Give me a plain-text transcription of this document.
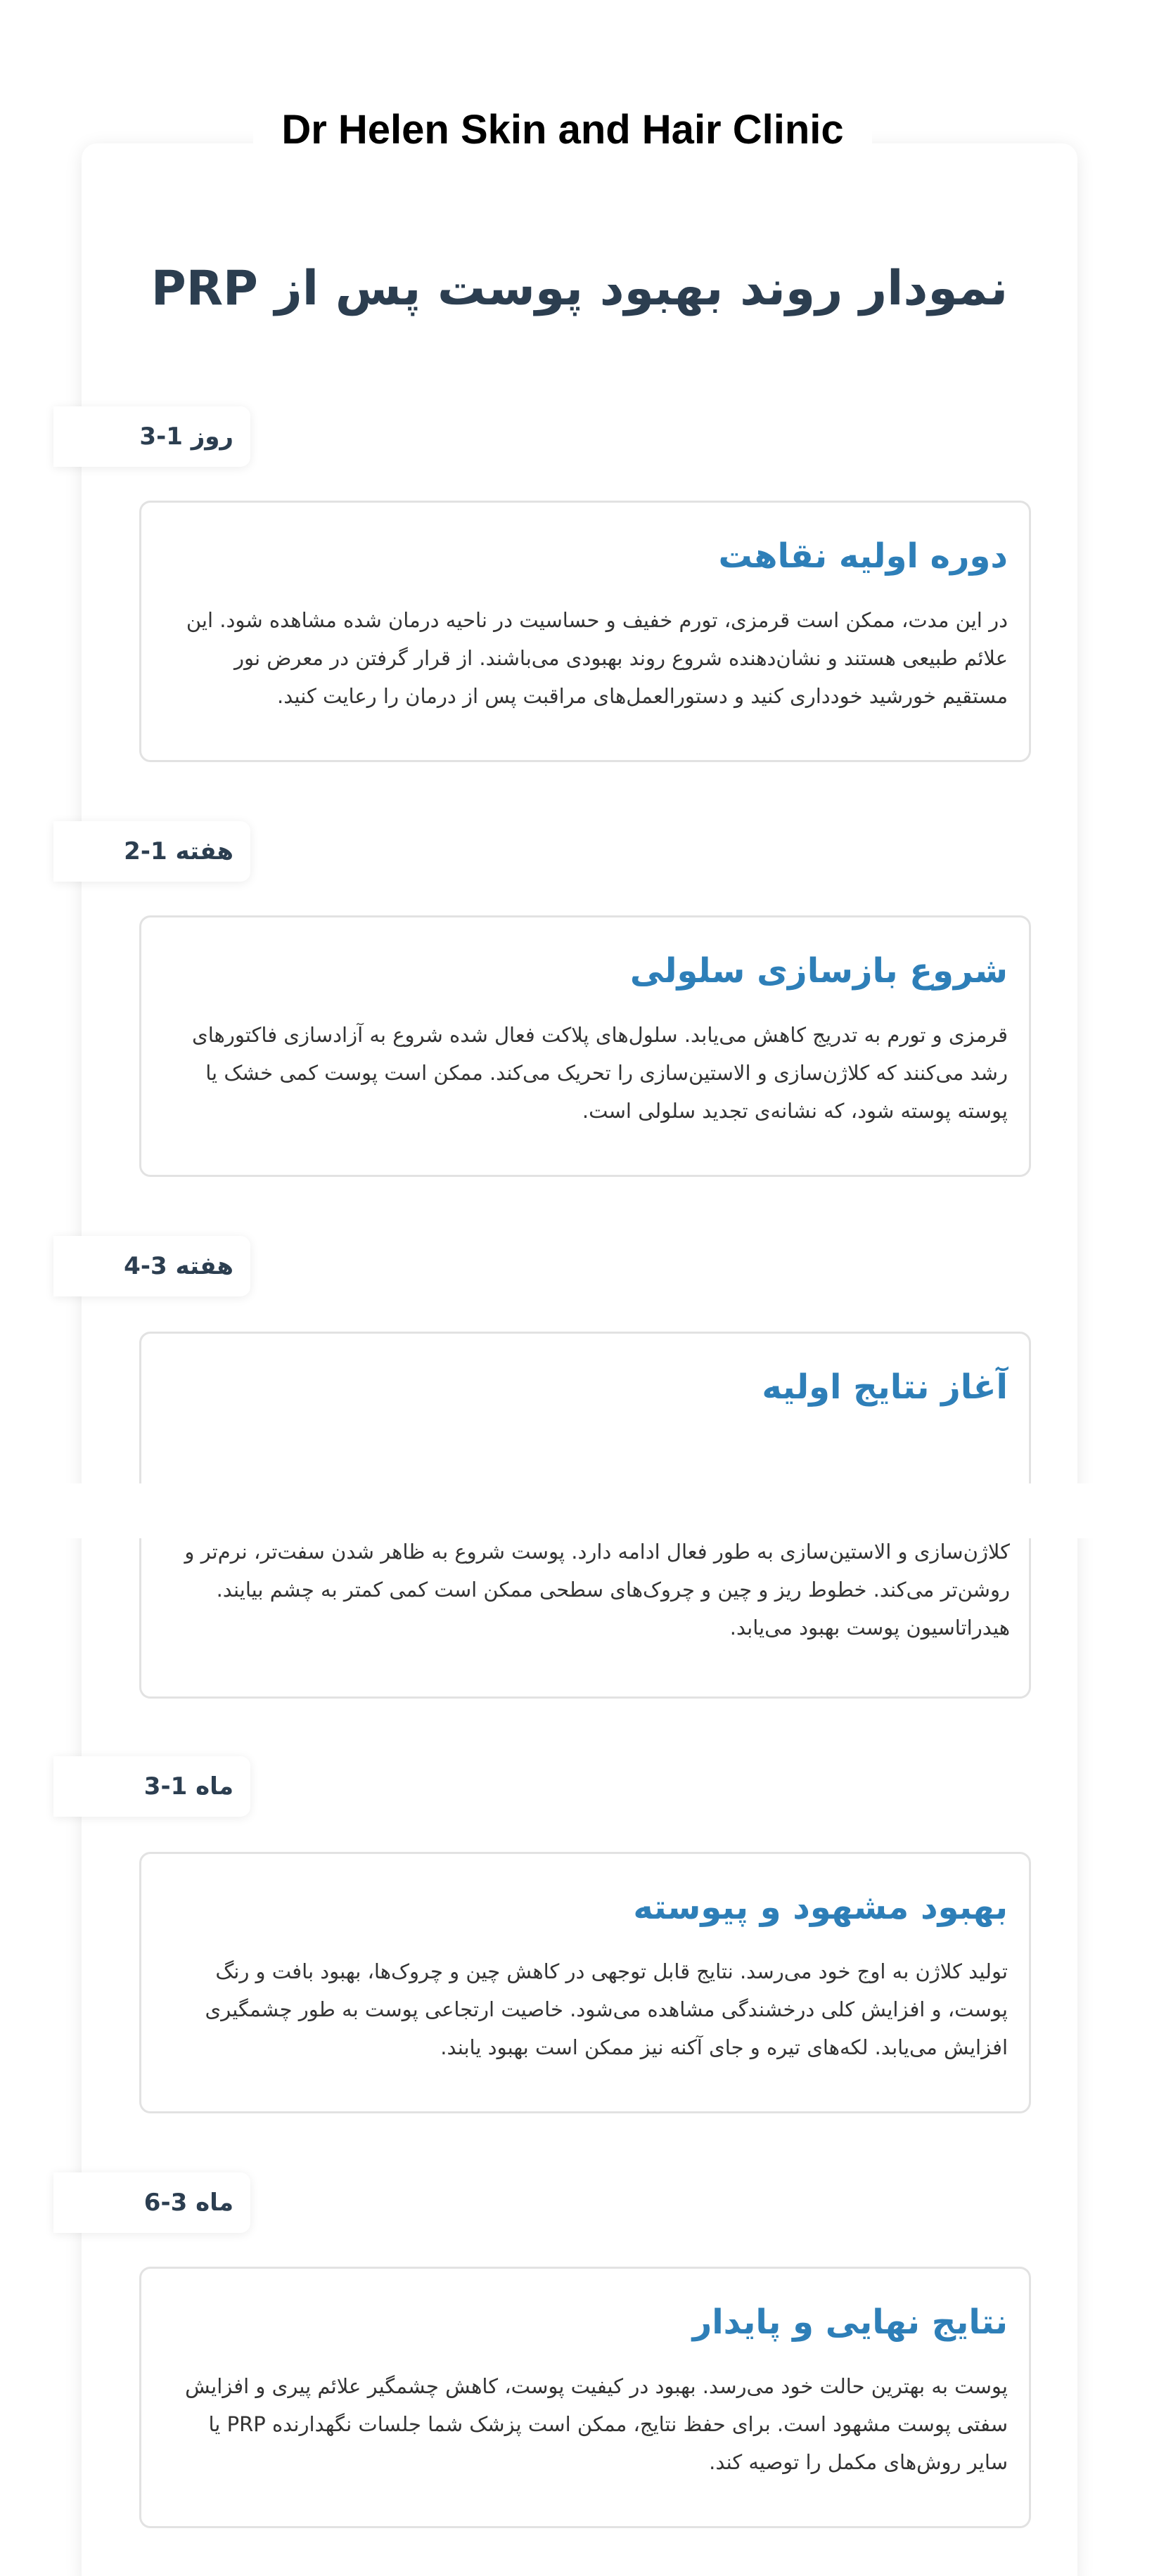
Dr Helen Skin and Hair Clinic
نمودار روند بهبود پوست پس از PRP
روز 1-3
دوره اولیه نقاهت

در این مدت، ممکن است قرمزی، تورم خفیف و حساسیت در ناحیه درمان شده مشاهده شود. این علائم طبیعی هستند و نشان‌دهنده شروع روند بهبودی می‌باشند. از قرار گرفتن در معرض نور مستقیم خورشید خودداری کنید و دستورالعمل‌های مراقبت پس از درمان را رعایت کنید.

هفته 1-2
شروع بازسازی سلولی

قرمزی و تورم به تدریج کاهش می‌یابد. سلول‌های پلاکت فعال شده شروع به آزادسازی فاکتورهای رشد می‌کنند که کلاژن‌سازی و الاستین‌سازی را تحریک می‌کند. ممکن است پوست کمی خشک یا پوسته پوسته شود، که نشانه‌ی تجدید سلولی است.

هفته 3-4
آغاز نتایج اولیه
کلاژن‌سازی و الاستین‌سازی به طور فعال ادامه دارد. پوست شروع به ظاهر شدن سفت‌تر، نرم‌تر و روشن‌تر می‌کند. خطوط ریز و چین و چروک‌های سطحی ممکن است کمی کمتر به چشم بیایند. هیدراتاسیون پوست بهبود می‌یابد.
ماه 1-3
بهبود مشهود و پیوسته

تولید کلاژن به اوج خود می‌رسد. نتایج قابل توجهی در کاهش چین و چروک‌ها، بهبود بافت و رنگ پوست، و افزایش کلی درخشندگی مشاهده می‌شود. خاصیت ارتجاعی پوست به طور چشمگیری افزایش می‌یابد. لکه‌های تیره و جای آکنه نیز ممکن است بهبود یابند.

ماه 3-6
نتایج نهایی و پایدار

پوست به بهترین حالت خود می‌رسد. بهبود در کیفیت پوست، کاهش چشمگیر علائم پیری و افزایش سفتی پوست مشهود است. برای حفظ نتایج، ممکن است پزشک شما جلسات نگهدارنده PRP یا سایر روش‌های مکمل را توصیه کند.
